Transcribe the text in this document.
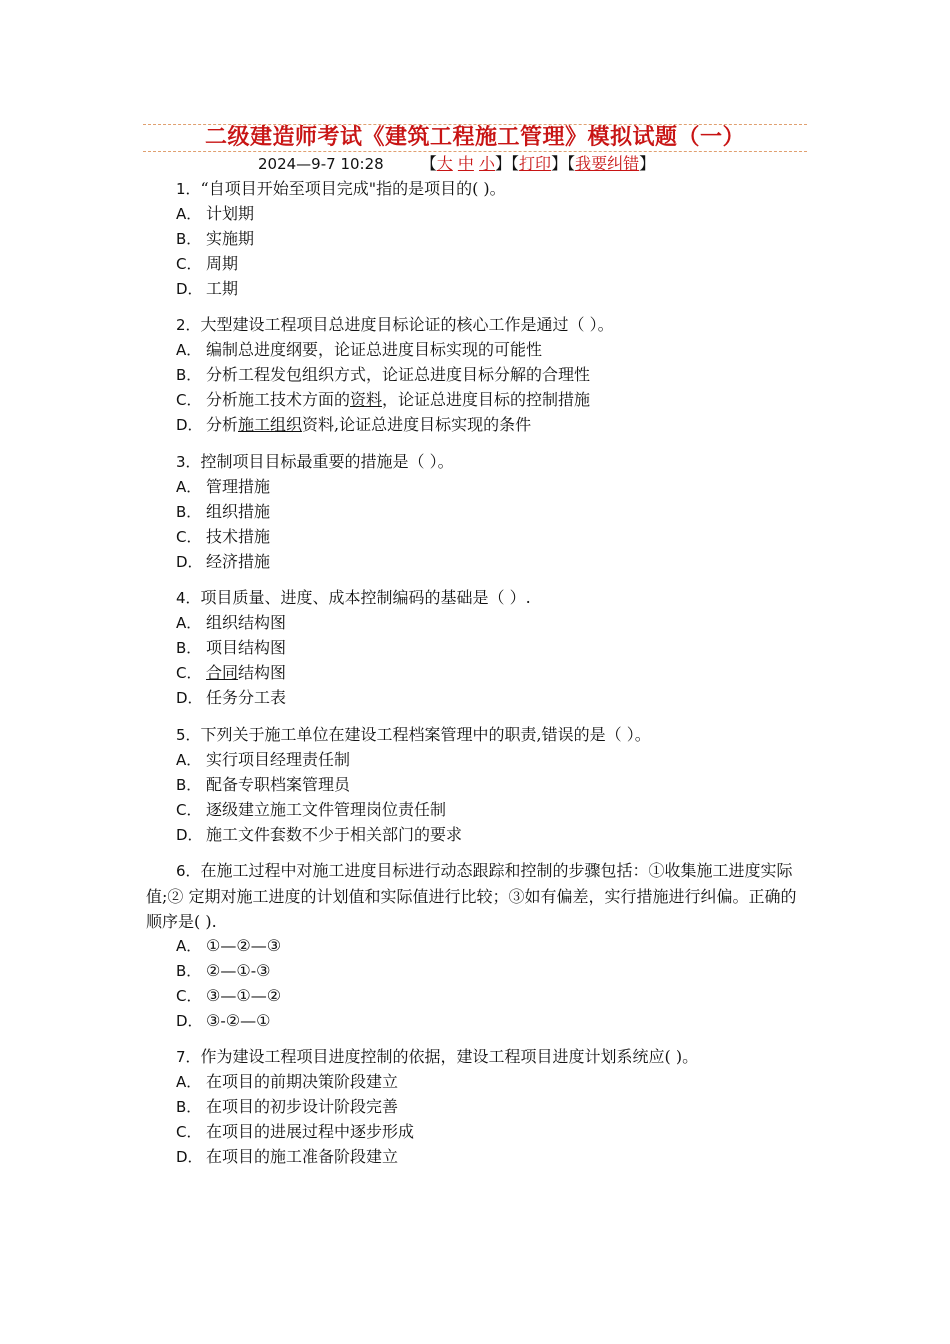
二级建造师考试《建筑工程施工管理》模拟试题（一）
2024—9-7 10:28 【大 中 小】【打印】【我要纠错】
1．“自项目开始至项目完成"指的是项目的( )。
A． 计划期
B． 实施期
C． 周期
D． 工期
2．大型建设工程项目总进度目标论证的核心工作是通过（ ）。
A． 编制总进度纲要，论证总进度目标实现的可能性
B． 分析工程发包组织方式，论证总进度目标分解的合理性
C． 分析施工技术方面的资料，论证总进度目标的控制措施
D． 分析施工组织资料,论证总进度目标实现的条件
3．控制项目目标最重要的措施是（ ）。
A． 管理措施
B． 组织措施
C． 技术措施
D． 经济措施
4．项目质量、进度、成本控制编码的基础是（ ）.
A． 组织结构图
B． 项目结构图
C． 合同结构图
D． 任务分工表
5．下列关于施工单位在建设工程档案管理中的职责,错误的是（ ）。
A． 实行项目经理责任制
B． 配备专职档案管理员
C． 逐级建立施工文件管理岗位责任制
D． 施工文件套数不少于相关部门的要求
6．在施工过程中对施工进度目标进行动态跟踪和控制的步骤包括：①收集施工进度实际值;② 定期对施工进度的计划值和实际值进行比较；③如有偏差，实行措施进行纠偏。正确的顺序是( ).
A． ①—②—③
B． ②—①-③
C． ③—①—②
D． ③-②—①
7．作为建设工程项目进度控制的依据，建设工程项目进度计划系统应( )。
A． 在项目的前期决策阶段建立
B． 在项目的初步设计阶段完善
C． 在项目的进展过程中逐步形成
D． 在项目的施工准备阶段建立
